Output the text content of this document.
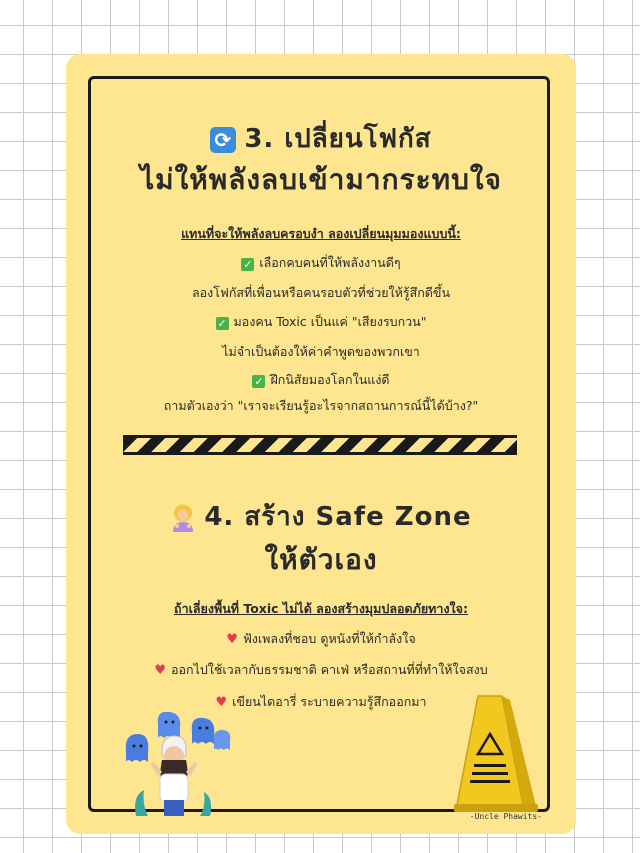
⟳ 3. เปลี่ยนโฟกัส
ไม่ให้พลังลบเข้ามากระทบใจ
แทนที่จะให้พลังลบครอบงำ ลองเปลี่ยนมุมมองแบบนี้:
✓ เลือกคบคนที่ให้พลังงานดีๆ
ลองโฟกัสที่เพื่อนหรือคนรอบตัวที่ช่วยให้รู้สึกดีขึ้น
✓ มองคน Toxic เป็นแค่ "เสียงรบกวน"
ไม่จำเป็นต้องให้ค่าคำพูดของพวกเขา
✓ ฝึกนิสัยมองโลกในแง่ดี
ถามตัวเองว่า "เราจะเรียนรู้อะไรจากสถานการณ์นี้ได้บ้าง?"
4. สร้าง Safe Zone
ให้ตัวเอง
ถ้าเลี่ยงพื้นที่ Toxic ไม่ได้ ลองสร้างมุมปลอดภัยทางใจ:
♥ ฟังเพลงที่ชอบ ดูหนังที่ให้กำลังใจ
♥ ออกไปใช้เวลากับธรรมชาติ คาเฟ่ หรือสถานที่ที่ทำให้ใจสงบ
♥ เขียนไดอารี่ ระบายความรู้สึกออกมา
-Uncle Phawits-
